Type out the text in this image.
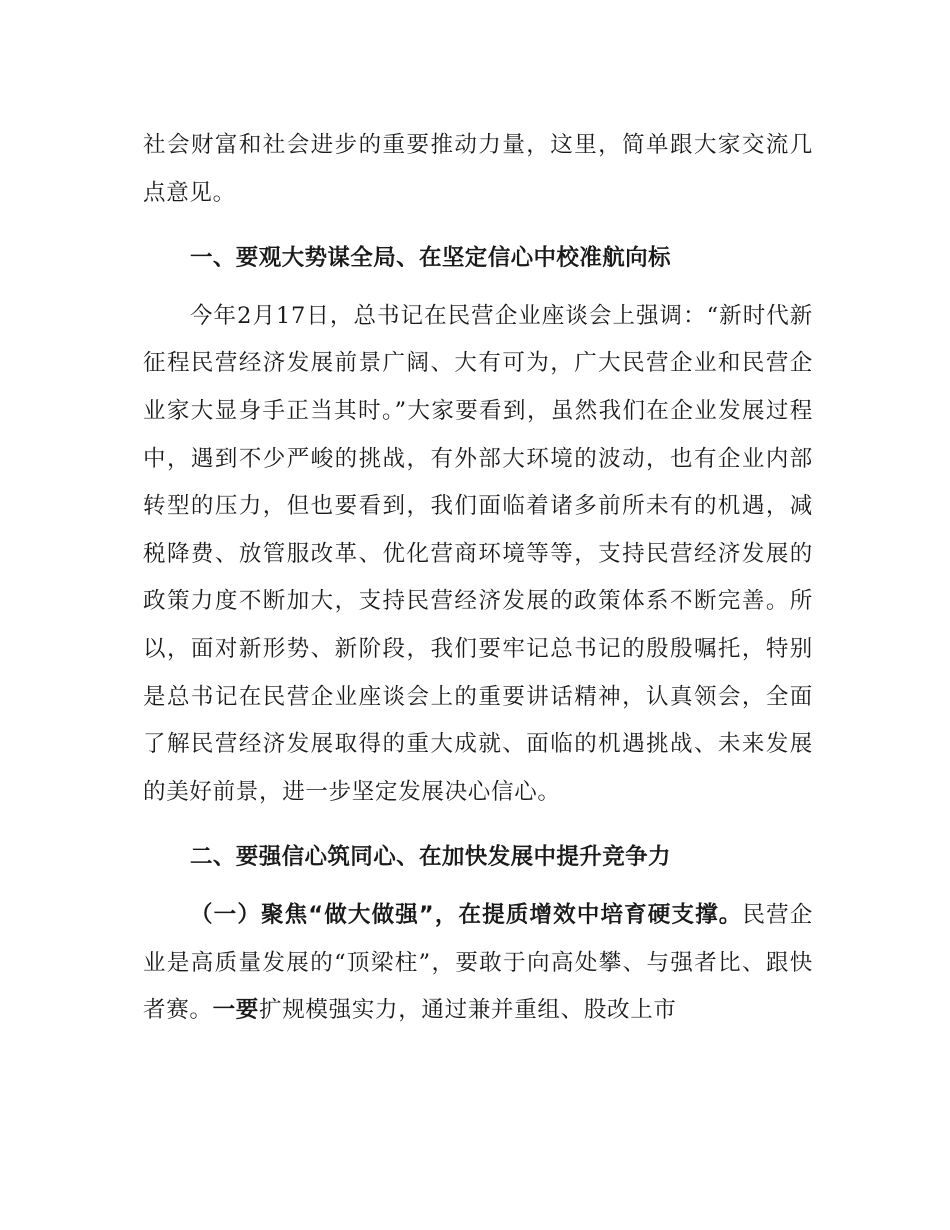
社会财富和社会进步的重要推动力量，这里，简单跟大家交流几点意见。

一、要观大势谋全局、在坚定信心中校准航向标

今年2月17日，总书记在民营企业座谈会上强调：“新时代新征程民营经济发展前景广阔、大有可为，广大民营企业和民营企业家大显身手正当其时。”大家要看到，虽然我们在企业发展过程中，遇到不少严峻的挑战，有外部大环境的波动，也有企业内部转型的压力，但也要看到，我们面临着诸多前所未有的机遇，减税降费、放管服改革、优化营商环境等等，支持民营经济发展的政策力度不断加大，支持民营经济发展的政策体系不断完善。所以，面对新形势、新阶段，我们要牢记总书记的殷殷嘱托，特别是总书记在民营企业座谈会上的重要讲话精神，认真领会，全面了解民营经济发展取得的重大成就、面临的机遇挑战、未来发展的美好前景，进一步坚定发展决心信心。

二、要强信心筑同心、在加快发展中提升竞争力

（一）聚焦“做大做强”，在提质增效中培育硬支撑。民营企业是高质量发展的“顶梁柱”，要敢于向高处攀、与强者比、跟快者赛。一要扩规模强实力，通过兼并重组、股改上市
